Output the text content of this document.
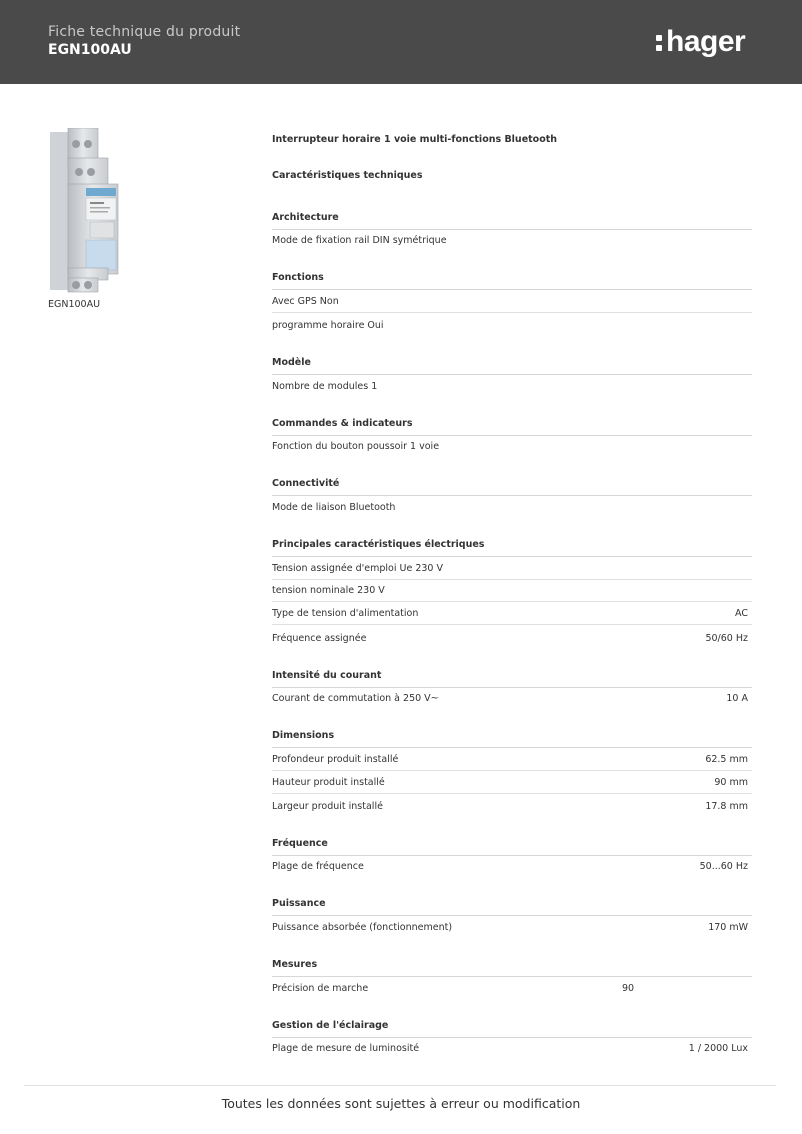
Fiche technique du produit
EGN100AU	hager
EGN100AU
Interrupteur horaire 1 voie multi-fonctions Bluetooth
Caractéristiques techniques
Architecture
Mode de fixation rail DIN symétrique
Fonctions
Avec GPS Non
programme horaire Oui
Modèle
Nombre de modules 1
Commandes & indicateurs
Fonction du bouton poussoir 1 voie
Connectivité
Mode de liaison Bluetooth
Principales caractéristiques électriques
Tension assignée d'emploi Ue 230 V
tension nominale 230 V
Type de tension d'alimentation	AC
Fréquence assignée	50/60 Hz
Intensité du courant
Courant de commutation à 250 V~	10 A
Dimensions
Profondeur produit installé	62.5 mm
Hauteur produit installé	90 mm
Largeur produit installé	17.8 mm
Fréquence
Plage de fréquence	50...60 Hz
Puissance
Puissance absorbée (fonctionnement)	170 mW
Mesures
Précision de marche	90
Gestion de l'éclairage
Plage de mesure de luminosité	1 / 2000 Lux
Toutes les données sont sujettes à erreur ou modification
